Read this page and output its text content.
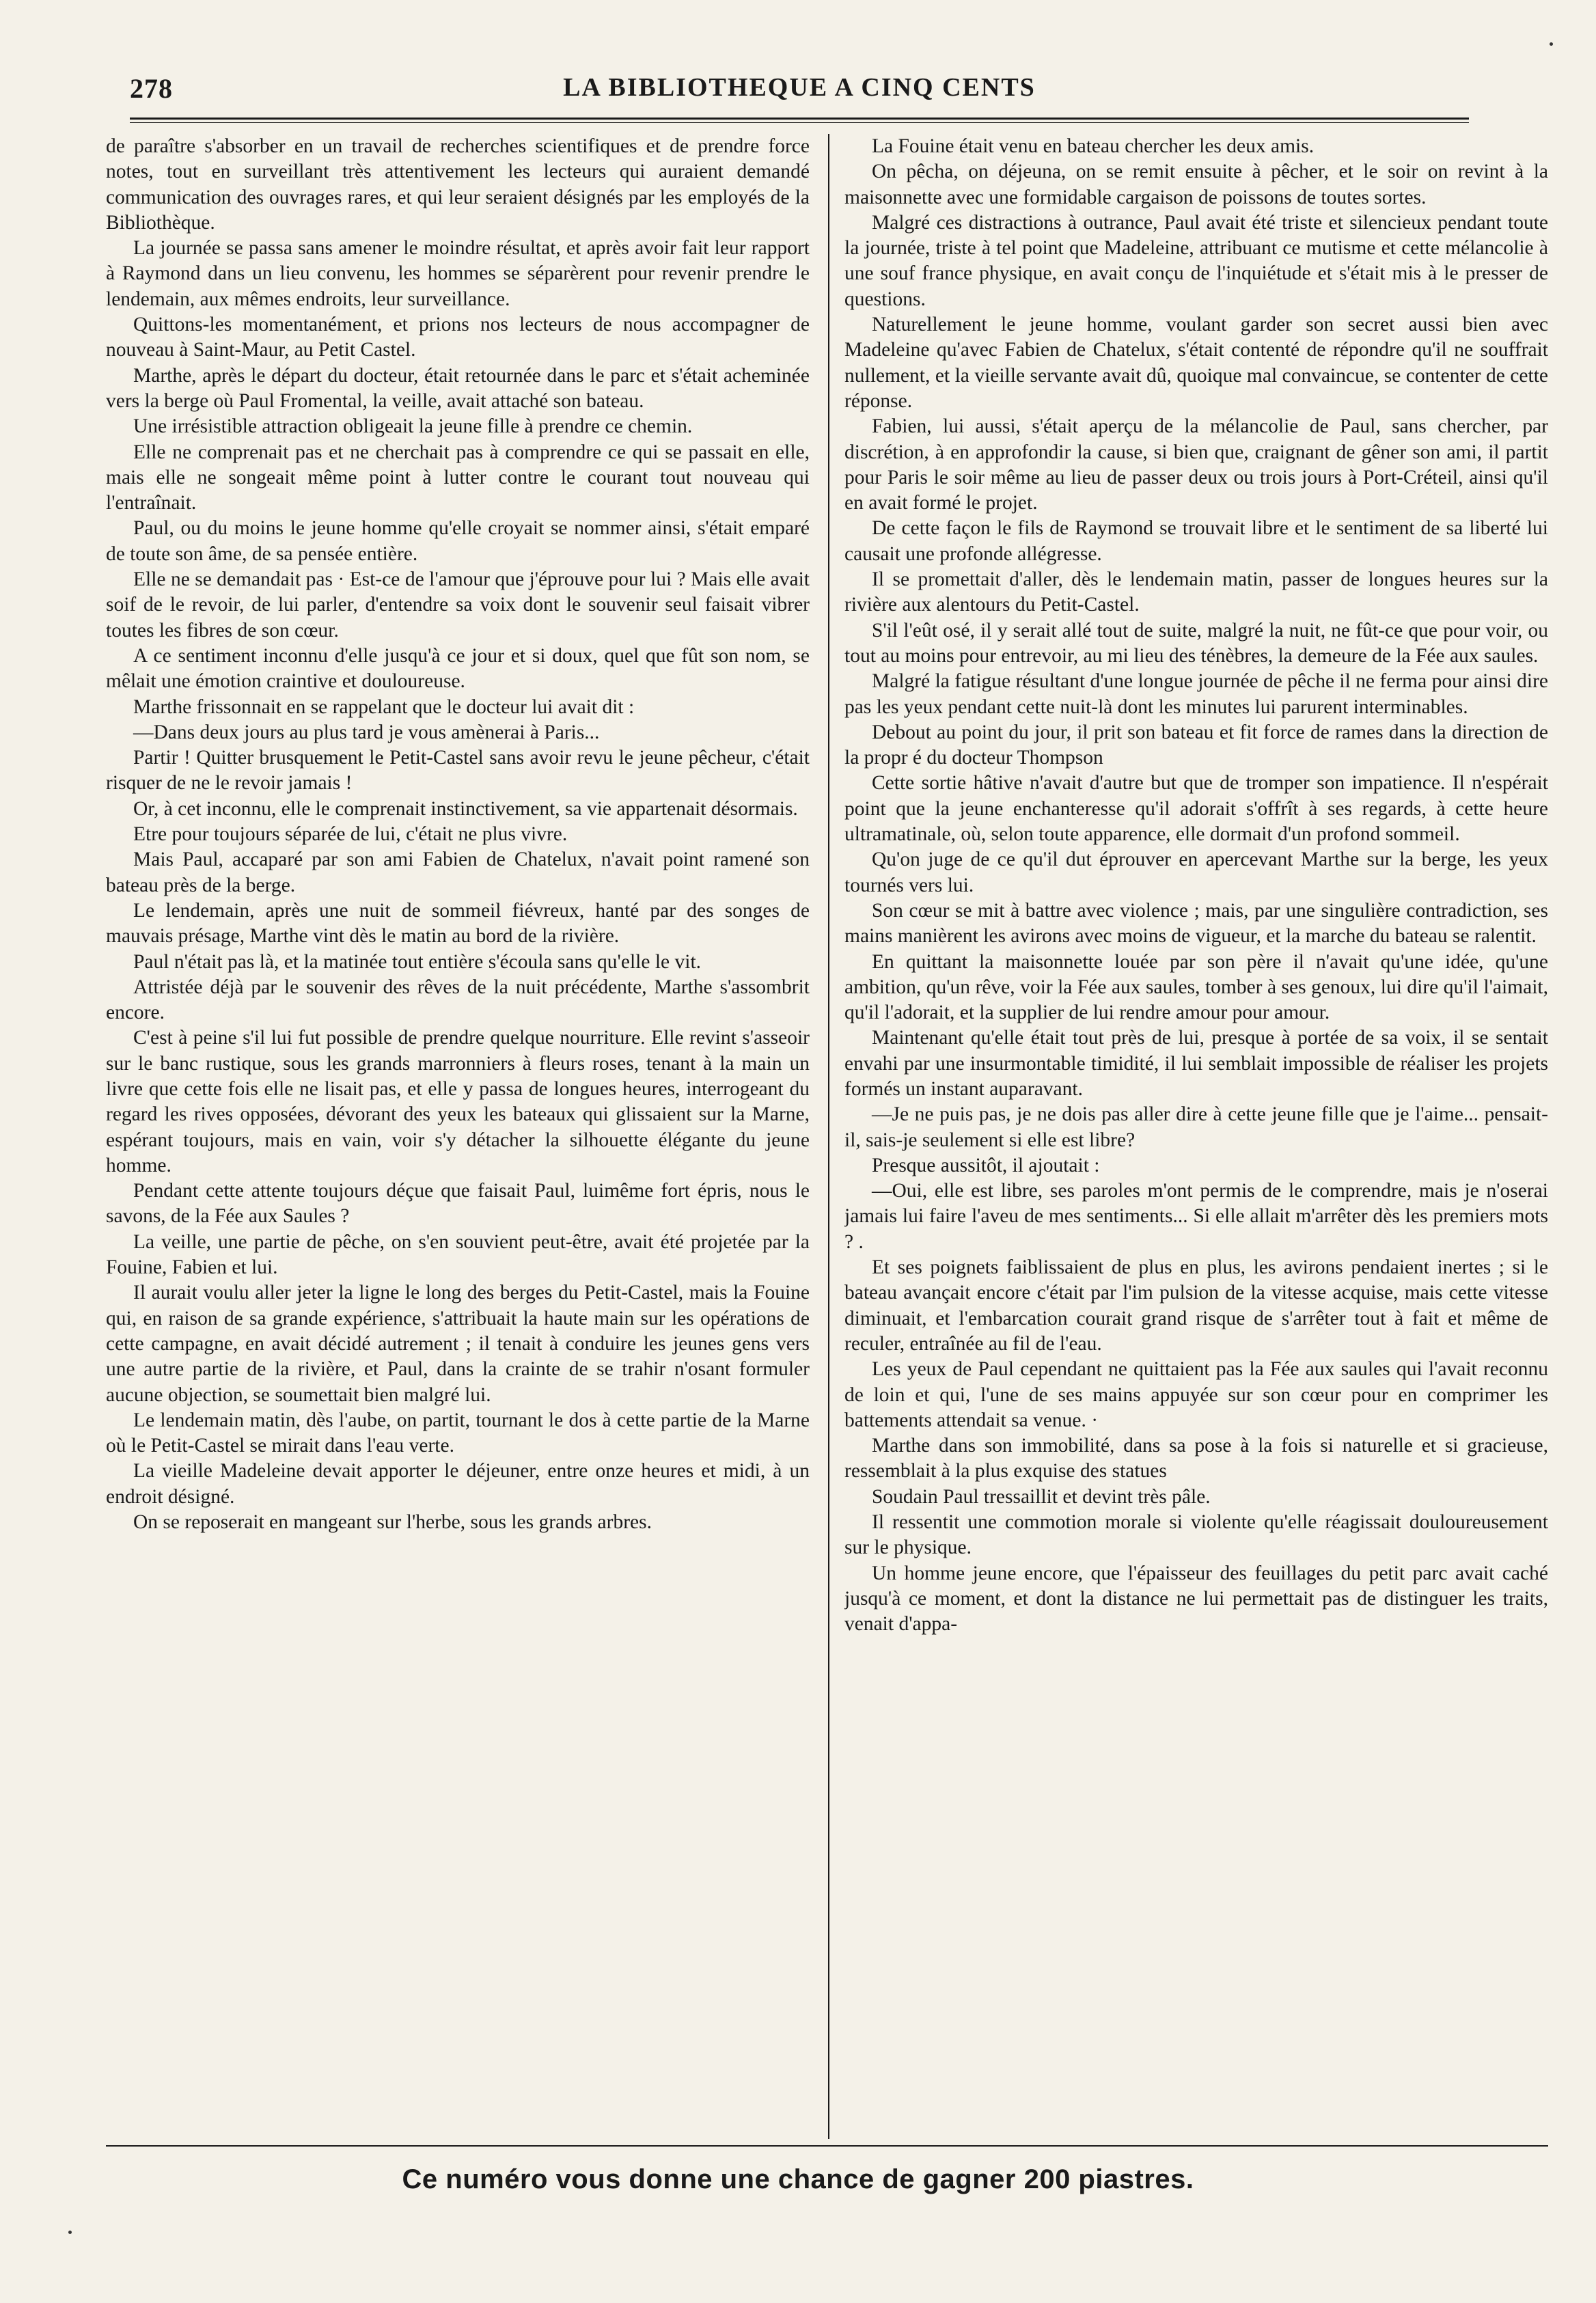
278	LA BIBLIOTHEQUE A CINQ CENTS

de paraître s'absorber en un travail de recherches scientifiques et de prendre force notes, tout en surveillant très attentivement les lecteurs qui auraient demandé communication des ouvrages rares, et qui leur seraient désignés par les employés de la Bibliothèque.

La journée se passa sans amener le moindre résultat, et après avoir fait leur rapport à Raymond dans un lieu convenu, les hommes se séparèrent pour revenir prendre le lendemain, aux mêmes endroits, leur surveillance.

Quittons-les momentanément, et prions nos lecteurs de nous accompagner de nouveau à Saint-Maur, au Petit Castel.

Marthe, après le départ du docteur, était retournée dans le parc et s'était acheminée vers la berge où Paul Fromental, la veille, avait attaché son bateau.

Une irrésistible attraction obligeait la jeune fille à prendre ce chemin.

Elle ne comprenait pas et ne cherchait pas à comprendre ce qui se passait en elle, mais elle ne songeait même point à lutter contre le courant tout nouveau qui l'entraînait.

Paul, ou du moins le jeune homme qu'elle croyait se nommer ainsi, s'était emparé de toute son âme, de sa pensée entière.

Elle ne se demandait pas · Est-ce de l'amour que j'éprouve pour lui ? Mais elle avait soif de le revoir, de lui parler, d'entendre sa voix dont le souvenir seul faisait vibrer toutes les fibres de son cœur.

A ce sentiment inconnu d'elle jusqu'à ce jour et si doux, quel que fût son nom, se mêlait une émotion craintive et douloureuse.

Marthe frissonnait en se rappelant que le docteur lui avait dit :

—Dans deux jours au plus tard je vous amènerai à Paris...

Partir ! Quitter brusquement le Petit-Castel sans avoir revu le jeune pêcheur, c'était risquer de ne le revoir jamais !

Or, à cet inconnu, elle le comprenait instinctivement, sa vie appartenait désormais.

Etre pour toujours séparée de lui, c'était ne plus vivre.

Mais Paul, accaparé par son ami Fabien de Chatelux, n'avait point ramené son bateau près de la berge.

Le lendemain, après une nuit de sommeil fiévreux, hanté par des songes de mauvais présage, Marthe vint dès le matin au bord de la rivière.

Paul n'était pas là, et la matinée tout entière s'écoula sans qu'elle le vit.

Attristée déjà par le souvenir des rêves de la nuit précédente, Marthe s'assombrit encore.

C'est à peine s'il lui fut possible de prendre quelque nourriture. Elle revint s'asseoir sur le banc rustique, sous les grands marronniers à fleurs roses, tenant à la main un livre que cette fois elle ne lisait pas, et elle y passa de longues heures, interrogeant du regard les rives opposées, dévorant des yeux les bateaux qui glissaient sur la Marne, espérant toujours, mais en vain, voir s'y détacher la silhouette élégante du jeune homme.

Pendant cette attente toujours déçue que faisait Paul, luimême fort épris, nous le savons, de la Fée aux Saules ?

La veille, une partie de pêche, on s'en souvient peut-être, avait été projetée par la Fouine, Fabien et lui.

Il aurait voulu aller jeter la ligne le long des berges du Petit-Castel, mais la Fouine qui, en raison de sa grande expérience, s'attribuait la haute main sur les opérations de cette campagne, en avait décidé autrement ; il tenait à conduire les jeunes gens vers une autre partie de la rivière, et Paul, dans la crainte de se trahir n'osant formuler aucune objection, se soumettait bien malgré lui.

Le lendemain matin, dès l'aube, on partit, tournant le dos à cette partie de la Marne où le Petit-Castel se mirait dans l'eau verte.

La vieille Madeleine devait apporter le déjeuner, entre onze heures et midi, à un endroit désigné.

On se reposerait en mangeant sur l'herbe, sous les grands arbres.

La Fouine était venu en bateau chercher les deux amis.

On pêcha, on déjeuna, on se remit ensuite à pêcher, et le soir on revint à la maisonnette avec une formidable cargaison de poissons de toutes sortes.

Malgré ces distractions à outrance, Paul avait été triste et silencieux pendant toute la journée, triste à tel point que Madeleine, attribuant ce mutisme et cette mélancolie à une souf france physique, en avait conçu de l'inquiétude et s'était mis à le presser de questions.

Naturellement le jeune homme, voulant garder son secret aussi bien avec Madeleine qu'avec Fabien de Chatelux, s'était contenté de répondre qu'il ne souffrait nullement, et la vieille servante avait dû, quoique mal convaincue, se contenter de cette réponse.

Fabien, lui aussi, s'était aperçu de la mélancolie de Paul, sans chercher, par discrétion, à en approfondir la cause, si bien que, craignant de gêner son ami, il partit pour Paris le soir même au lieu de passer deux ou trois jours à Port-Créteil, ainsi qu'il en avait formé le projet.

De cette façon le fils de Raymond se trouvait libre et le sentiment de sa liberté lui causait une profonde allégresse.

Il se promettait d'aller, dès le lendemain matin, passer de longues heures sur la rivière aux alentours du Petit-Castel.

S'il l'eût osé, il y serait allé tout de suite, malgré la nuit, ne fût-ce que pour voir, ou tout au moins pour entrevoir, au mi lieu des ténèbres, la demeure de la Fée aux saules.

Malgré la fatigue résultant d'une longue journée de pêche il ne ferma pour ainsi dire pas les yeux pendant cette nuit-là dont les minutes lui parurent interminables.

Debout au point du jour, il prit son bateau et fit force de rames dans la direction de la propr é du docteur Thompson

Cette sortie hâtive n'avait d'autre but que de tromper son impatience. Il n'espérait point que la jeune enchanteresse qu'il adorait s'offrît à ses regards, à cette heure ultramatinale, où, selon toute apparence, elle dormait d'un profond sommeil.

Qu'on juge de ce qu'il dut éprouver en apercevant Marthe sur la berge, les yeux tournés vers lui.

Son cœur se mit à battre avec violence ; mais, par une singulière contradiction, ses mains manièrent les avirons avec moins de vigueur, et la marche du bateau se ralentit.

En quittant la maisonnette louée par son père il n'avait qu'une idée, qu'une ambition, qu'un rêve, voir la Fée aux saules, tomber à ses genoux, lui dire qu'il l'aimait, qu'il l'adorait, et la supplier de lui rendre amour pour amour.

Maintenant qu'elle était tout près de lui, presque à portée de sa voix, il se sentait envahi par une insurmontable timidité, il lui semblait impossible de réaliser les projets formés un instant auparavant.

—Je ne puis pas, je ne dois pas aller dire à cette jeune fille que je l'aime... pensait-il, sais-je seulement si elle est libre?

Presque aussitôt, il ajoutait :

—Oui, elle est libre, ses paroles m'ont permis de le comprendre, mais je n'oserai jamais lui faire l'aveu de mes sentiments... Si elle allait m'arrêter dès les premiers mots ? .

Et ses poignets faiblissaient de plus en plus, les avirons pendaient inertes ; si le bateau avançait encore c'était par l'im pulsion de la vitesse acquise, mais cette vitesse diminuait, et l'embarcation courait grand risque de s'arrêter tout à fait et même de reculer, entraînée au fil de l'eau.

Les yeux de Paul cependant ne quittaient pas la Fée aux saules qui l'avait reconnu de loin et qui, l'une de ses mains appuyée sur son cœur pour en comprimer les battements attendait sa venue. ·

Marthe dans son immobilité, dans sa pose à la fois si naturelle et si gracieuse, ressemblait à la plus exquise des statues

Soudain Paul tressaillit et devint très pâle.

Il ressentit une commotion morale si violente qu'elle réagissait douloureusement sur le physique.

Un homme jeune encore, que l'épaisseur des feuillages du petit parc avait caché jusqu'à ce moment, et dont la distance ne lui permettait pas de distinguer les traits, venait d'appa-

Ce numéro vous donne une chance de gagner 200 piastres.
